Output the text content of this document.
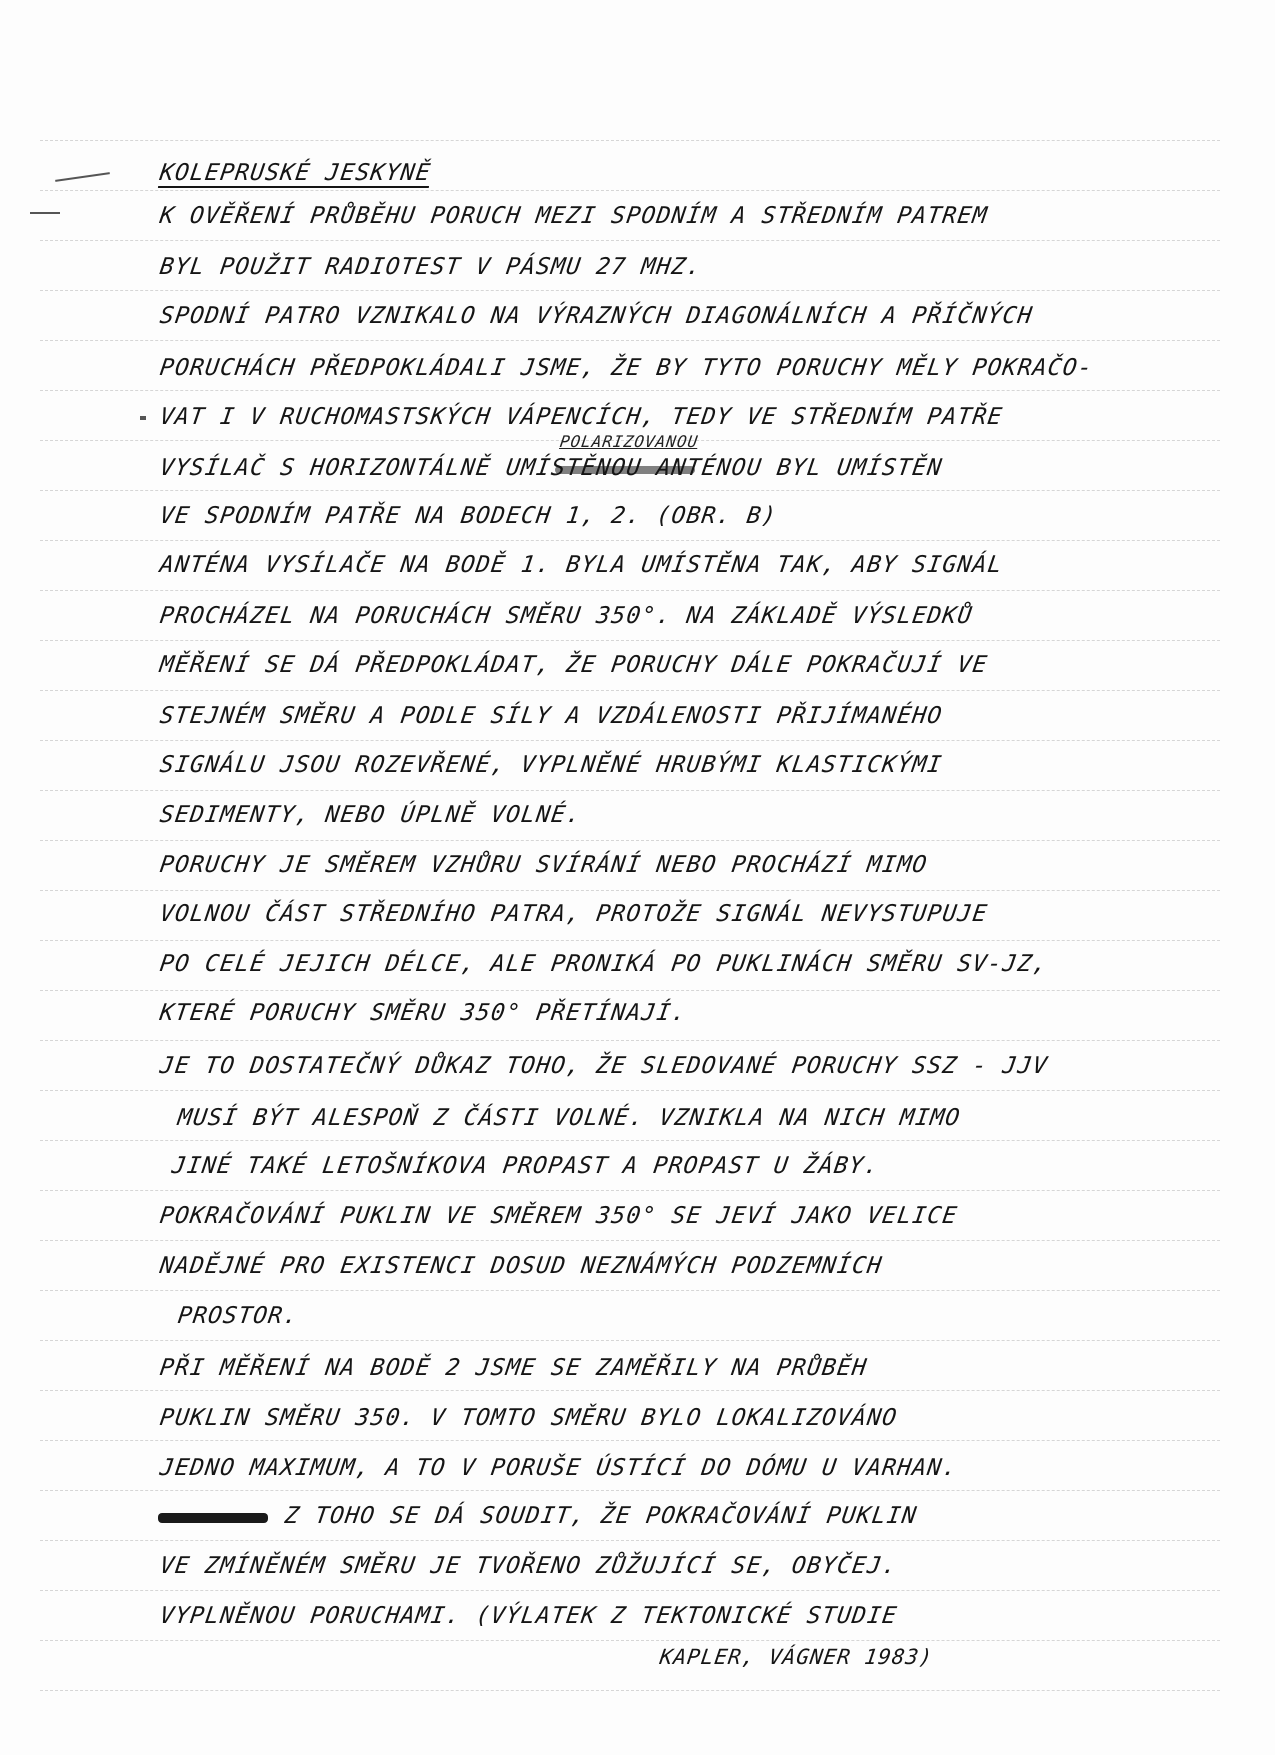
KOLEPRUSKÉ JESKYNĚ
K OVĚŘENÍ PRŮBĚHU PORUCH MEZI SPODNÍM A STŘEDNÍM PATREM
BYL POUŽIT RADIOTEST V PÁSMU 27 MHZ.
SPODNÍ PATRO VZNIKALO NA VÝRAZNÝCH DIAGONÁLNÍCH A PŘÍČNÝCH
PORUCHÁCH PŘEDPOKLÁDALI JSME, ŽE BY TYTO PORUCHY MĚLY POKRAČO-
VAT I V RUCHOMASTSKÝCH VÁPENCÍCH, TEDY VE STŘEDNÍM PATŘE
POLARIZOVANOU
VYSÍLAČ S HORIZONTÁLNĚ UMÍSTĚNOU ANTÉNOU BYL UMÍSTĚN
VE SPODNÍM PATŘE NA BODECH 1, 2. (OBR. B)
ANTÉNA VYSÍLAČE NA BODĚ 1. BYLA UMÍSTĚNA TAK, ABY SIGNÁL
PROCHÁZEL NA PORUCHÁCH SMĚRU 350°. NA ZÁKLADĚ VÝSLEDKŮ
MĚŘENÍ SE DÁ PŘEDPOKLÁDAT, ŽE PORUCHY DÁLE POKRAČUJÍ VE
STEJNÉM SMĚRU A PODLE SÍLY A VZDÁLENOSTI PŘIJÍMANÉHO
SIGNÁLU JSOU ROZEVŘENÉ, VYPLNĚNÉ HRUBÝMI KLASTICKÝMI
SEDIMENTY, NEBO ÚPLNĚ VOLNÉ.
PORUCHY JE SMĚREM VZHŮRU SVÍRÁNÍ NEBO PROCHÁZÍ MIMO
VOLNOU ČÁST STŘEDNÍHO PATRA, PROTOŽE SIGNÁL NEVYSTUPUJE
PO CELÉ JEJICH DÉLCE, ALE PRONIKÁ PO PUKLINÁCH SMĚRU SV-JZ,
KTERÉ PORUCHY SMĚRU 350° PŘETÍNAJÍ.
JE TO DOSTATEČNÝ DŮKAZ TOHO, ŽE SLEDOVANÉ PORUCHY SSZ - JJV
MUSÍ BÝT ALESPOŇ Z ČÁSTI VOLNÉ. VZNIKLA NA NICH MIMO
JINÉ TAKÉ LETOŠNÍKOVA PROPAST A PROPAST U ŽÁBY.
POKRAČOVÁNÍ PUKLIN VE SMĚREM 350° SE JEVÍ JAKO VELICE
NADĚJNÉ PRO EXISTENCI DOSUD NEZNÁMÝCH PODZEMNÍCH
PROSTOR.
PŘI MĚŘENÍ NA BODĚ 2 JSME SE ZAMĚŘILY NA PRŮBĚH
PUKLIN SMĚRU 350. V TOMTO SMĚRU BYLO LOKALIZOVÁNO
JEDNO MAXIMUM, A TO V PORUŠE ÚSTÍCÍ DO DÓMU U VARHAN.
Z TOHO SE DÁ SOUDIT, ŽE POKRAČOVÁNÍ PUKLIN
VE ZMÍNĚNÉM SMĚRU JE TVOŘENO ZŮŽUJÍCÍ SE, OBYČEJ.
VYPLNĚNOU PORUCHAMI. (VÝLATEK Z TEKTONICKÉ STUDIE
KAPLER, VÁGNER 1983)
